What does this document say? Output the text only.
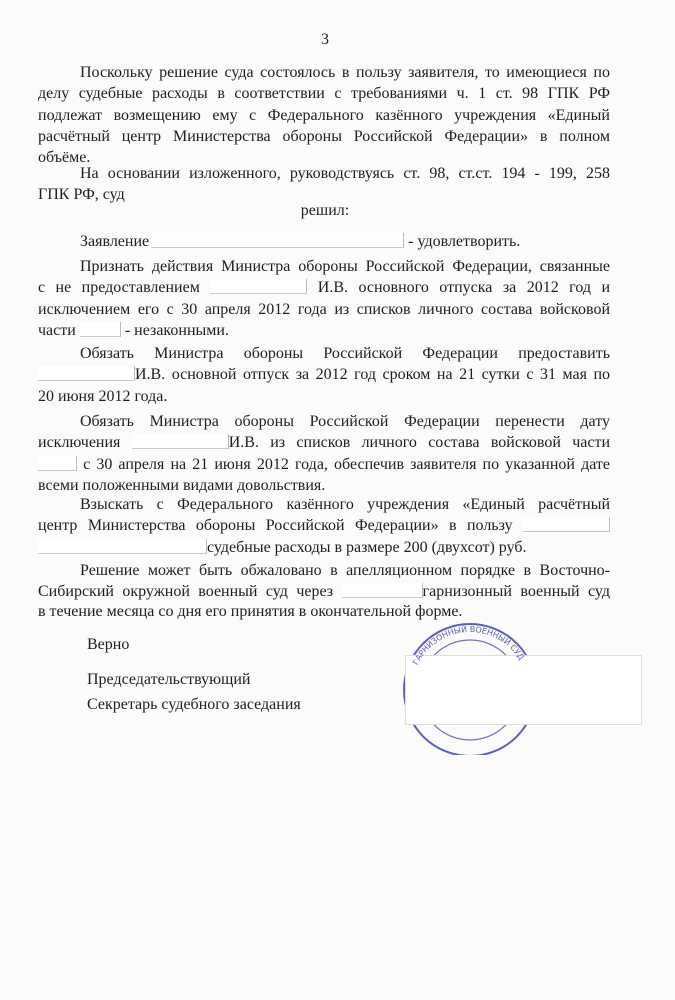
3
Поскольку решение суда состоялось в пользу заявителя, то имеющиеся по
делу судебные расходы в соответствии с требованиями ч. 1 ст. 98 ГПК РФ
подлежат возмещению ему с Федерального казённого учреждения «Единый
расчётный центр Министерства обороны Российской Федерации» в полном
объёме.
На основании изложенного, руководствуясь ст. 98, ст.ст. 194 - 199, 258
ГПК РФ, суд
решил:
Заявление	- удовлетворить.
Признать действия Министра обороны Российской Федерации, связанные
с не предоставлением	И.В. основного отпуска за 2012 год и
исключением его с 30 апреля 2012 года из списков личного состава войсковой
части	- незаконными.
Обязать Министра обороны Российской Федерации предоставить
И.В. основной отпуск за 2012 год сроком на 21 сутки с 31 мая по
20 июня 2012 года.
Обязать Министра обороны Российской Федерации перенести дату
исключения	И.В. из списков личного состава войсковой части
с 30 апреля на 21 июня 2012 года, обеспечив заявителя по указанной дате
всеми положенными видами довольствия.
Взыскать с Федерального казённого учреждения «Единый расчётный
центр Министерства обороны Российской Федерации» в пользу
судебные расходы в размере 200 (двухсот) руб.
Решение может быть обжаловано в апелляционном порядке в Восточно-
Сибирский окружной военный суд через	гарнизонный военный суд
в течение месяца со дня его принятия в окончательной форме.
ГАРНИЗОННЫЙ ВОЕННЫЙ СУД
Верно
Председательствующий
Секретарь судебного заседания
